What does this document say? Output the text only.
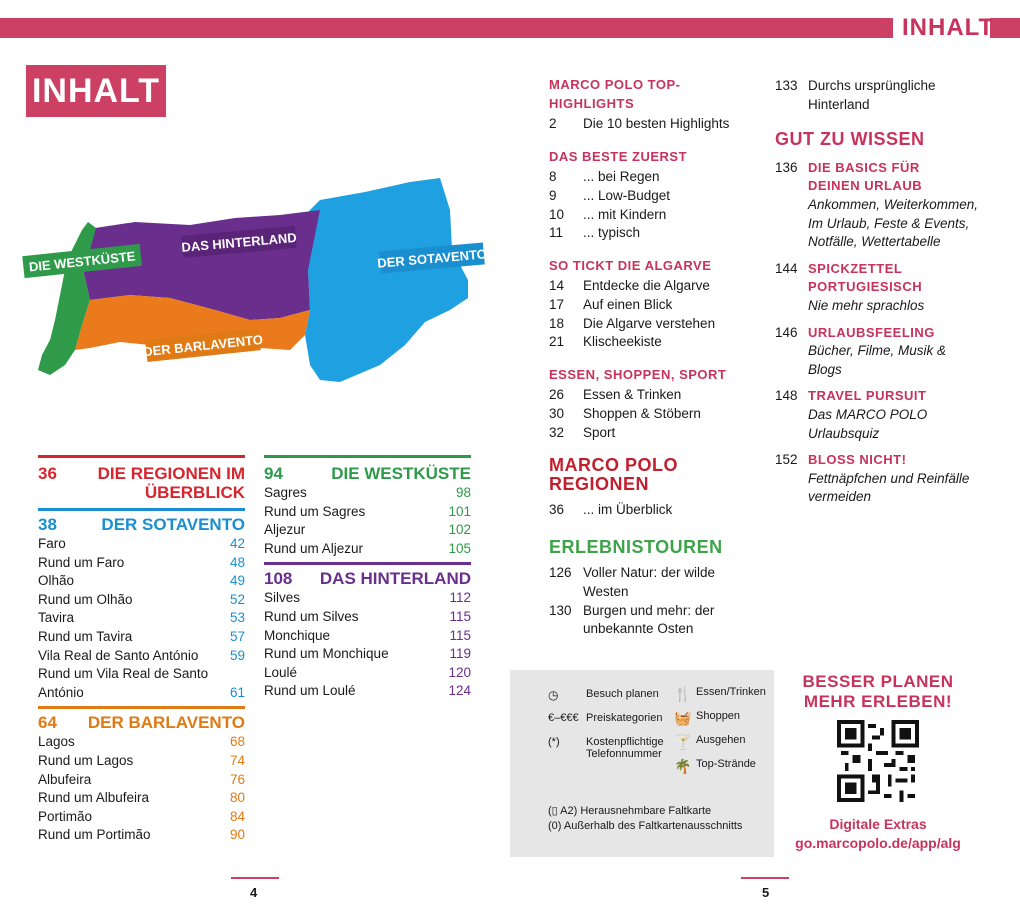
INHALT
INHALT
DIE WESTKÜSTE
DAS HINTERLAND
DER SOTAVENTO
DER BARLAVENTO
36 DIE REGIONEN IM ÜBERBLICK
38	DER SOTAVENTO
Faro	42
Rund um Faro	48
Olhão	49
Rund um Olhão	52
Tavira	53
Rund um Tavira	57
Vila Real de Santo António 59
Rund um Vila Real de Santo
António	61
64 DER BARLAVENTO
Lagos	68
Rund um Lagos	74
Albufeira	76
Rund um Albufeira	80
Portimão	84
Rund um Portimão	90
94	DIE WESTKÜSTE
Sagres	98
Rund um Sagres	101
Aljezur	102
Rund um Aljezur	105
108 DAS HINTERLAND
Silves	112
Rund um Silves	115
Monchique	115
Rund um Monchique	119
Loulé	120
Rund um Loulé	124
MARCO POLO TOP-HIGHLIGHTS
2	Die 10 besten Highlights
DAS BESTE ZUERST
8	... bei Regen
9	... Low-Budget
10	... mit Kindern
11	... typisch
SO TICKT DIE ALGARVE
14	Entdecke die Algarve
17	Auf einen Blick
18	Die Algarve verstehen
21	Klischeekiste
ESSEN, SHOPPEN, SPORT
26	Essen & Trinken
30	Shoppen & Stöbern
32	Sport
MARCO POLO REGIONEN
36	... im Überblick
ERLEBNISTOUREN
126 Voller Natur: der wilde Westen
130 Burgen und mehr: der unbekannte Osten
133 Durchs ursprüngliche Hinterland
GUT ZU WISSEN
136 DIE BASICS FÜR DEINEN URLAUB
Ankommen, Weiterkommen, Im Urlaub, Feste & Events, Notfälle, Wettertabelle
144 SPICKZETTEL PORTUGIESISCH
Nie mehr sprachlos
146 URLAUBSFEELING
Bücher, Filme, Musik & Blogs
148 TRAVEL PURSUIT
Das MARCO POLO Urlaubsquiz
152 BLOSS NICHT!
Fettnäpfchen und Reinfälle vermeiden
◷	Besuch planen
€–€€€ Preiskategorien
(*)	Kostenpflichtige Telefonnummer
🍴 Essen/Trinken
🧺 Shoppen
🍸 Ausgehen
🌴 Top-Strände
(▯ A2) Herausnehmbare Faltkarte
(0) Außerhalb des Faltkartenausschnitts
BESSER PLANEN
MEHR ERLEBEN!
Digitale Extras
go.marcopolo.de/app/alg
4	5
